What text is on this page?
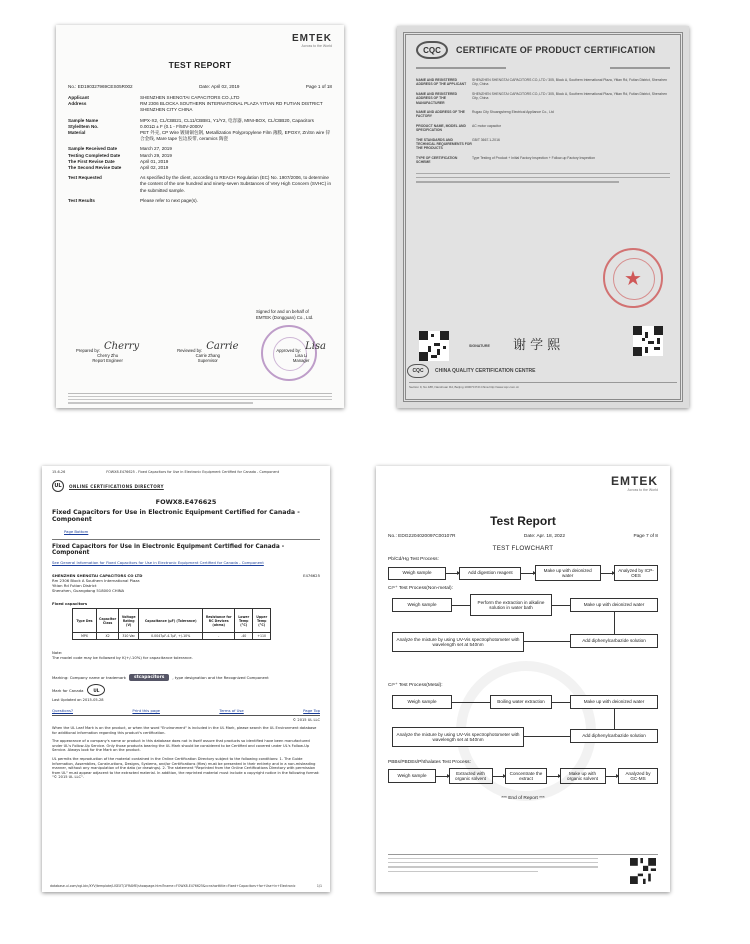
EMTEK
Across to the World
TEST REPORT
No.: ED190327969CES05R002	Date: April 02, 2019	Page 1 of 18
Applicant	SHENZHEN SHENGTAI CAPACITORS CO.,LTD
Address	RM 2306 BLOCKA SOUTHERN INTERNATIONAL PLAZA YITIAN RD FUTIAN DISTRICT SHENZHEN CITY CHINA
Sample Name	MPX-X2, CL/CBB21, CL11/CBB81, Y1/Y2, 电容器, MINI-BOX, CL/CBB20, Capacitors
Style/Item No.	0.001Ω ± F (0.1 - F/50V-2000V
Material	PET 外壳, CP Wire 镀锡铜包钢, Metallization Polypropylene Film 薄膜, EPOXY, Zn/Sn wire 锌合金线, Mare tape 包边胶带, ceramics 陶瓷
Sample Received Date	March 27, 2019
Testing Completed Date	March 29, 2019
The First Revise Date	April 01, 2019
The Second Revise Date	April 02, 2019
Test Requested	As specified by the client, according to REACH Regulation (EC) No. 1907/2006, to determine the content of the one hundred and ninety-seven Substances of Very High Concern (SVHC) in the submitted sample.
Test Results	Please refer to next page(s).
Signed for and on behalf of
EMTEK (Dongguan) Co., Ltd.
Prepared by: Cherry
Cherry Zhu
Report Engineer
Reviewed by: Carrie
Carrie Zhang
Supervisor
Approved by: Lisa
Lisa Li
Manager
CQC	CERTIFICATE OF PRODUCT CERTIFICATION
NAME AND REGISTERED ADDRESS OF THE APPLICANT
SHENZHEN SHENGTAI CAPACITORS CO.,LTD / 305, Block A, Southern International Plaza, Yitian Rd, Futian District, Shenzhen City, China
NAME AND REGISTERED ADDRESS OF THE MANUFACTURER
SHENZHEN SHENGTAI CAPACITORS CO.,LTD / 305, Block A, Southern International Plaza, Yitian Rd, Futian District, Shenzhen City, China
NAME AND ADDRESS OF THE FACTORY
Rugao City Shuangsheng Electrical Appliance Co., Ltd
PRODUCT NAME, MODEL AND SPECIFICATION
AC motor capacitor
THE STANDARDS AND TECHNICAL REQUIREMENTS FOR THE PRODUCTS
GB/T 3667.1-2016
TYPE OF CERTIFICATION SCHEME
Type Testing of Product + Initial Factory Inspection + Follow-up Factory Inspection
★
SIGNATURE 谢 学 熙
CQC	CHINA QUALITY CERTIFICATION CENTRE
Section 9, No.188, Nanshuan Rd, Beijing 100070 P.R.China http://www.cqc.com.cn
15-6-26	FOWX8.E476625 - Fixed Capacitors for Use in Electronic Equipment Certified for Canada - Component
UL	ONLINE CERTIFICATIONS DIRECTORY
FOWX8.E476625
Fixed Capacitors for Use in Electronic Equipment Certified for Canada - Component
Page Bottom
Fixed Capacitors for Use in Electronic Equipment Certified for Canada - Component
See General Information for Fixed Capacitors for Use in Electronic Equipment Certified for Canada - Component
SHENZHEN SHENGTAI CAPACITORS CO LTD
Rm 2306 Block A Southern International Plaza
Yitian Rd Futian District
Shenzhen, Guangdong 518000 CHINA
E476625
Fixed capacitors
Type Des	Capacitor Class	Voltage Rating (V)	Capacitance (μF) (Tolerance)	Resistance for RC Devices (ohms)	Lower Temp (°C)	Upper Temp (°C)
MPX	X2	310 Vac	0.0047μF-4.7μF, +/-10%	-	-40	+110
Note:
The model code may be followed by K(+/-10%) for capacitance tolerance.
Marking: Company name or trademark	stcapacitors	, type designation and the Recognized Component
Mark for Canada	UL
Last Updated on 2015-05-28
Questions?	Print this page	Terms of Use	Page Top
© 2015 UL LLC
When the UL Leaf Mark is on the product, or when the word "Environment" is included in the UL Mark, please search the UL Environment database for additional information regarding this product's certification.
The appearance of a company's name or product in this database does not in itself assure that products so identified have been manufactured under UL's Follow-Up Service. Only those products bearing the UL Mark should be considered to be Certified and covered under UL's Follow-Up Service. Always look for the Mark on the product.
UL permits the reproduction of the material contained in the Online Certification Directory subject to the following conditions: 1. The Guide Information, Assemblies, Constructions, Designs, Systems, and/or Certifications (files) must be presented in their entirety and in a non-misleading manner, without any manipulation of the data (or drawings). 2. The statement "Reprinted from the Online Certifications Directory with permission from UL" must appear adjacent to the extracted material. In addition, the reprinted material must include a copyright notice in the following format: "© 2015 UL LLC".
database.ul.com/cgi-bin/XYV/template/LISEXT/1FRAME/showpage.html?name=FOWX8.E476625&ccnshorttitle=Fixed+Capacitors+for+Use+in+Electronic	1/1
EMTEK
Across to the World
Test Report
No.: EDG2204020097C00107R	Date: Apr. 18, 2022	Page 7 of 8
TEST FLOWCHART
Pb/Cd/Hg Test Process:
Weigh sample	Add digestion reagent
Make up with deionized water
Analyzed by ICP-OES
Cr⁶⁺ Test Process(Non-metal):
Weigh sample
Perform the extraction in alkaline solution in water bath
Make up with deionized water
Add diphenylcarbazide solution
Analyze the mixture by using UV-Vis spectrophotometer with wavelength set at 540nm
Cr⁶⁺ Test Process(Metal):
Weigh sample	Boiling water extraction	Make up with deionized water
Add diphenylcarbazide solution
Analyze the mixture by using UV-Vis spectrophotometer with wavelength set at 540nm
PBBs/PBDEs/Phthalates Test Process:
Weigh sample
Extracted with organic solvent
Concentrate the extract
Make up with organic solvent
Analyzed by GC-MS
*** End of Report ***
